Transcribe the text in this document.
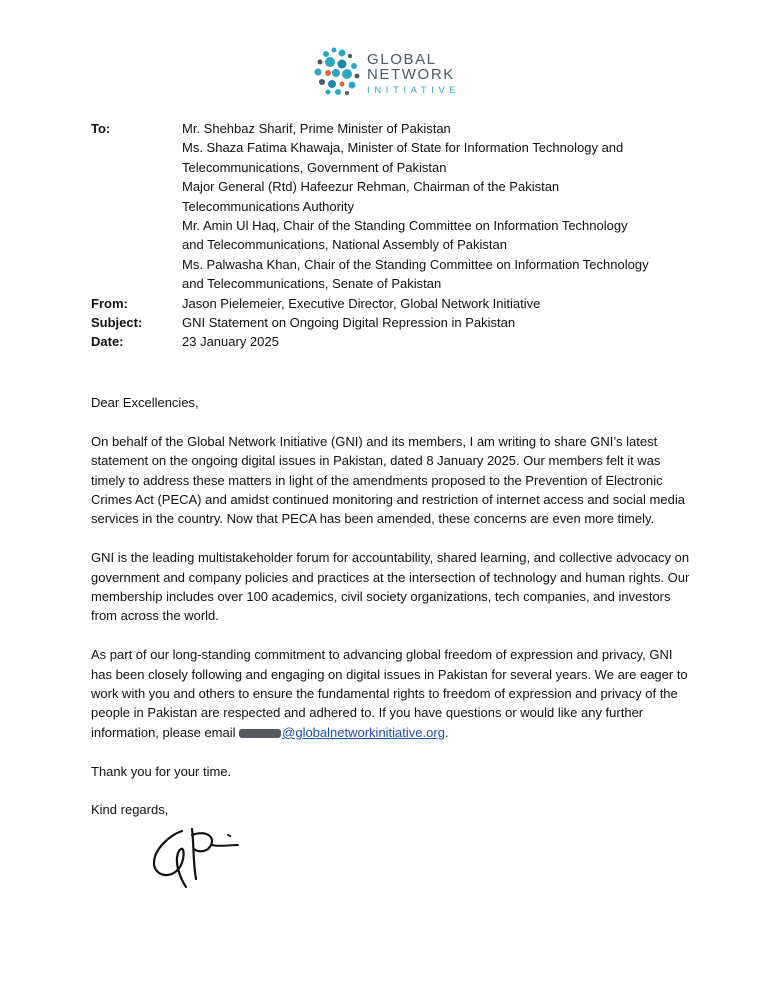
GLOBAL
NETWORK
INITIATIVE
To:	Mr. Shehbaz Sharif, Prime Minister of Pakistan
Ms. Shaza Fatima Khawaja, Minister of State for Information Technology and
Telecommunications, Government of Pakistan
Major General (Rtd) Hafeezur Rehman, Chairman of the Pakistan
Telecommunications Authority
Mr. Amin Ul Haq, Chair of the Standing Committee on Information Technology
and Telecommunications, National Assembly of Pakistan
Ms. Palwasha Khan, Chair of the Standing Committee on Information Technology
and Telecommunications, Senate of Pakistan
From:	Jason Pielemeier, Executive Director, Global Network Initiative
Subject:	GNI Statement on Ongoing Digital Repression in Pakistan
Date:	23 January 2025

Dear Excellencies,

On behalf of the Global Network Initiative (GNI) and its members, I am writing to share GNI’s latest
statement on the ongoing digital issues in Pakistan, dated 8 January 2025. Our members felt it was
timely to address these matters in light of the amendments proposed to the Prevention of Electronic
Crimes Act (PECA) and amidst continued monitoring and restriction of internet access and social media
services in the country. Now that PECA has been amended, these concerns are even more timely.

GNI is the leading multistakeholder forum for accountability, shared learning, and collective advocacy on
government and company policies and practices at the intersection of technology and human rights. Our
membership includes over 100 academics, civil society organizations, tech companies, and investors
from across the world.

As part of our long-standing commitment to advancing global freedom of expression and privacy, GNI
has been closely following and engaging on digital issues in Pakistan for several years. We are eager to
work with you and others to ensure the fundamental rights to freedom of expression and privacy of the
people in Pakistan are respected and adhered to. If you have questions or would like any further
information, please email	@globalnetworkinitiative.org.

Thank you for your time.

Kind regards,
